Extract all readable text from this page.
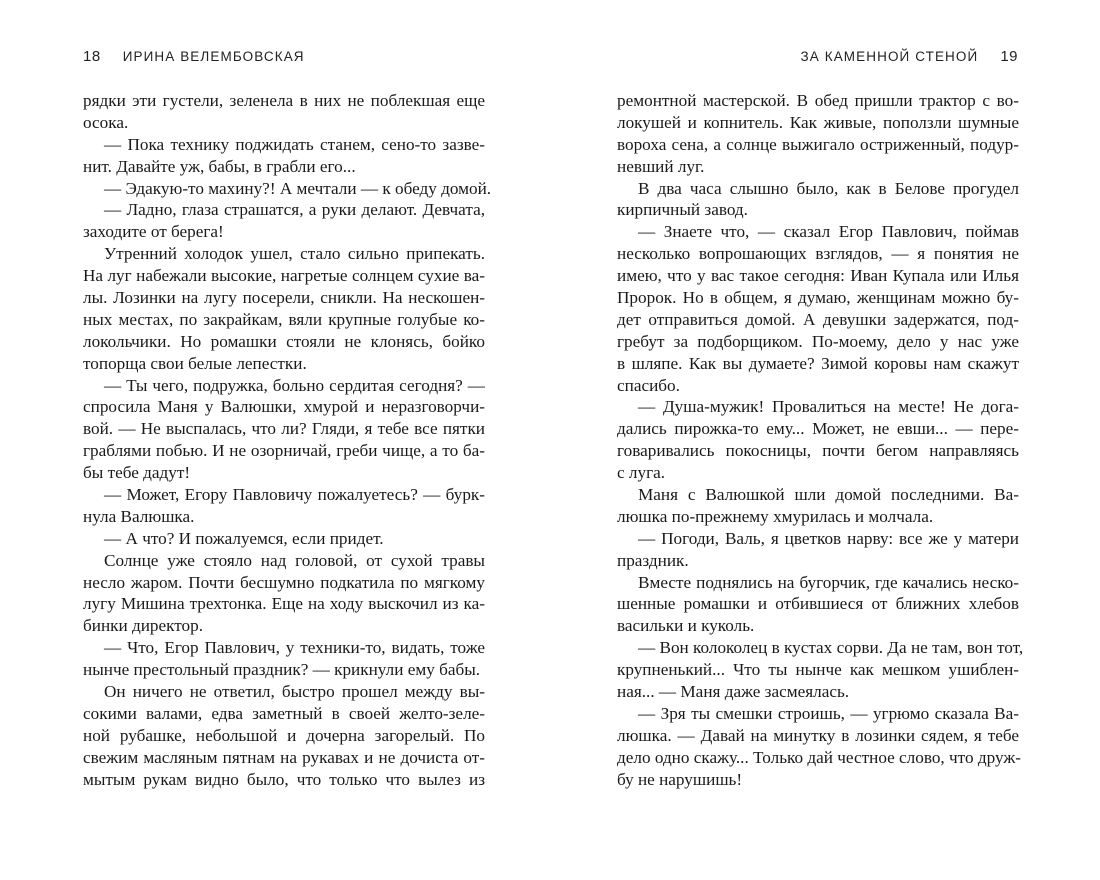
18 ИРИНА ВЕЛЕМБОВСКАЯ
рядки эти густели, зеленела в них не поблекшая еще
осока.
— Пока технику поджидать станем, сено-то зазве-
нит. Давайте уж, бабы, в грабли его...
— Эдакую-то махину?! А мечтали — к обеду домой.
— Ладно, глаза страшатся, а руки делают. Девчата,
заходите от берега!
Утренний холодок ушел, стало сильно припекать.
На луг набежали высокие, нагретые солнцем сухие ва-
лы. Лозинки на лугу посерели, сникли. На нескошен-
ных местах, по закрайкам, вяли крупные голубые ко-
локольчики. Но ромашки стояли не клонясь, бойко
топорща свои белые лепестки.
— Ты чего, подружка, больно сердитая сегодня? —
спросила Маня у Валюшки, хмурой и неразговорчи-
вой. — Не выспалась, что ли? Гляди, я тебе все пятки
граблями побью. И не озорничай, греби чище, а то ба-
бы тебе дадут!
— Может, Егору Павловичу пожалуетесь? — бурк-
нула Валюшка.
— А что? И пожалуемся, если придет.
Солнце уже стояло над головой, от сухой травы
несло жаром. Почти бесшумно подкатила по мягкому
лугу Мишина трехтонка. Еще на ходу выскочил из ка-
бинки директор.
— Что, Егор Павлович, у техники-то, видать, тоже
нынче престольный праздник? — крикнули ему бабы.
Он ничего не ответил, быстро прошел между вы-
сокими валами, едва заметный в своей желто-зеле-
ной рубашке, небольшой и дочерна загорелый. По
свежим масляным пятнам на рукавах и не дочиста от-
мытым рукам видно было, что только что вылез из
ЗА КАМЕННОЙ СТЕНОЙ 19
ремонтной мастерской. В обед пришли трактор с во-
локушей и копнитель. Как живые, поползли шумные
вороха сена, а солнце выжигало остриженный, подур-
невший луг.
В два часа слышно было, как в Белове прогудел
кирпичный завод.
— Знаете что, — сказал Егор Павлович, поймав
несколько вопрошающих взглядов, — я понятия не
имею, что у вас такое сегодня: Иван Купала или Илья
Пророк. Но в общем, я думаю, женщинам можно бу-
дет отправиться домой. А девушки задержатся, под-
гребут за подборщиком. По-моему, дело у нас уже
в шляпе. Как вы думаете? Зимой коровы нам скажут
спасибо.
— Душа-мужик! Провалиться на месте! Не дога-
дались пирожка-то ему... Может, не евши... — пере-
говаривались покосницы, почти бегом направляясь
с луга.
Маня с Валюшкой шли домой последними. Ва-
люшка по-прежнему хмурилась и молчала.
— Погоди, Валь, я цветков нарву: все же у матери
праздник.
Вместе поднялись на бугорчик, где качались неско-
шенные ромашки и отбившиеся от ближних хлебов
васильки и куколь.
— Вон колоколец в кустах сорви. Да не там, вон тот,
крупненький... Что ты нынче как мешком ушиблен-
ная... — Маня даже засмеялась.
— Зря ты смешки строишь, — угрюмо сказала Ва-
люшка. — Давай на минутку в лозинки сядем, я тебе
дело одно скажу... Только дай честное слово, что друж-
бу не нарушишь!
